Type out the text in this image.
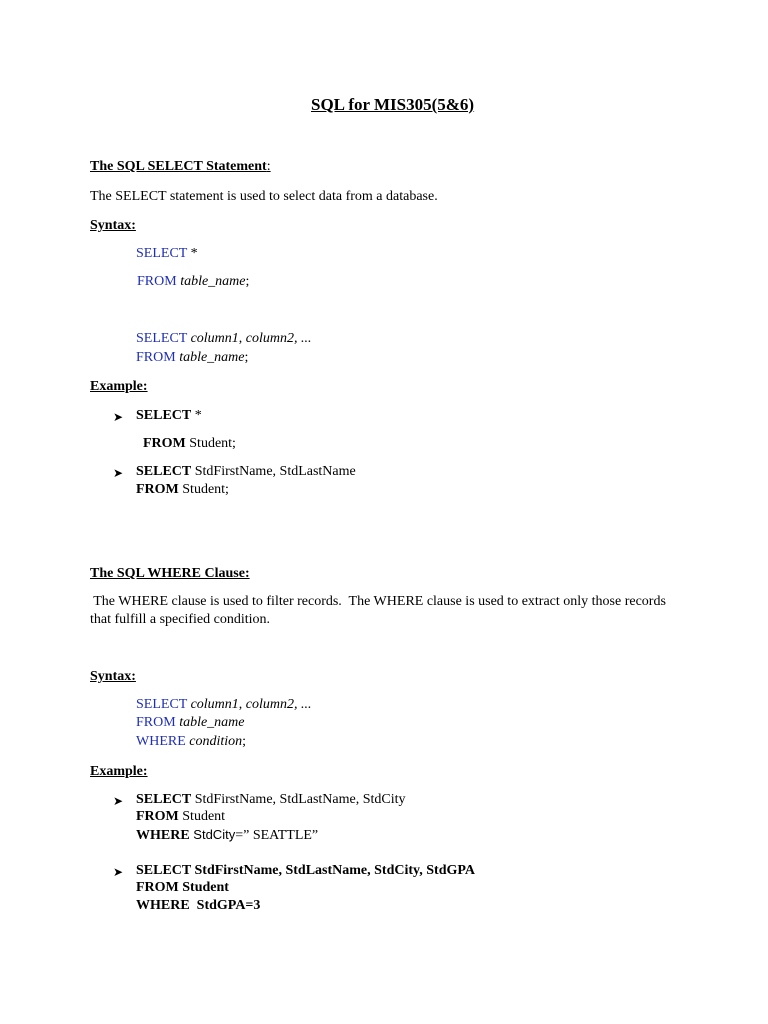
SQL for MIS305(5&6)
The SQL SELECT Statement:
The SELECT statement is used to select data from a database.
Syntax:
SELECT *
FROM table_name;
SELECT column1, column2, ...
FROM table_name;
Example:
➤ SELECT *
FROM Student;
➤ SELECT StdFirstName, StdLastName
FROM Student;
The SQL WHERE Clause:
The WHERE clause is used to filter records.  The WHERE clause is used to extract only those records
that fulfill a specified condition.
Syntax:
SELECT column1, column2, ...
FROM table_name
WHERE condition;
Example:
➤ SELECT StdFirstName, StdLastName, StdCity
FROM Student
WHERE StdCity=” SEATTLE”
➤ SELECT StdFirstName, StdLastName, StdCity, StdGPA
FROM Student
WHERE  StdGPA=3
